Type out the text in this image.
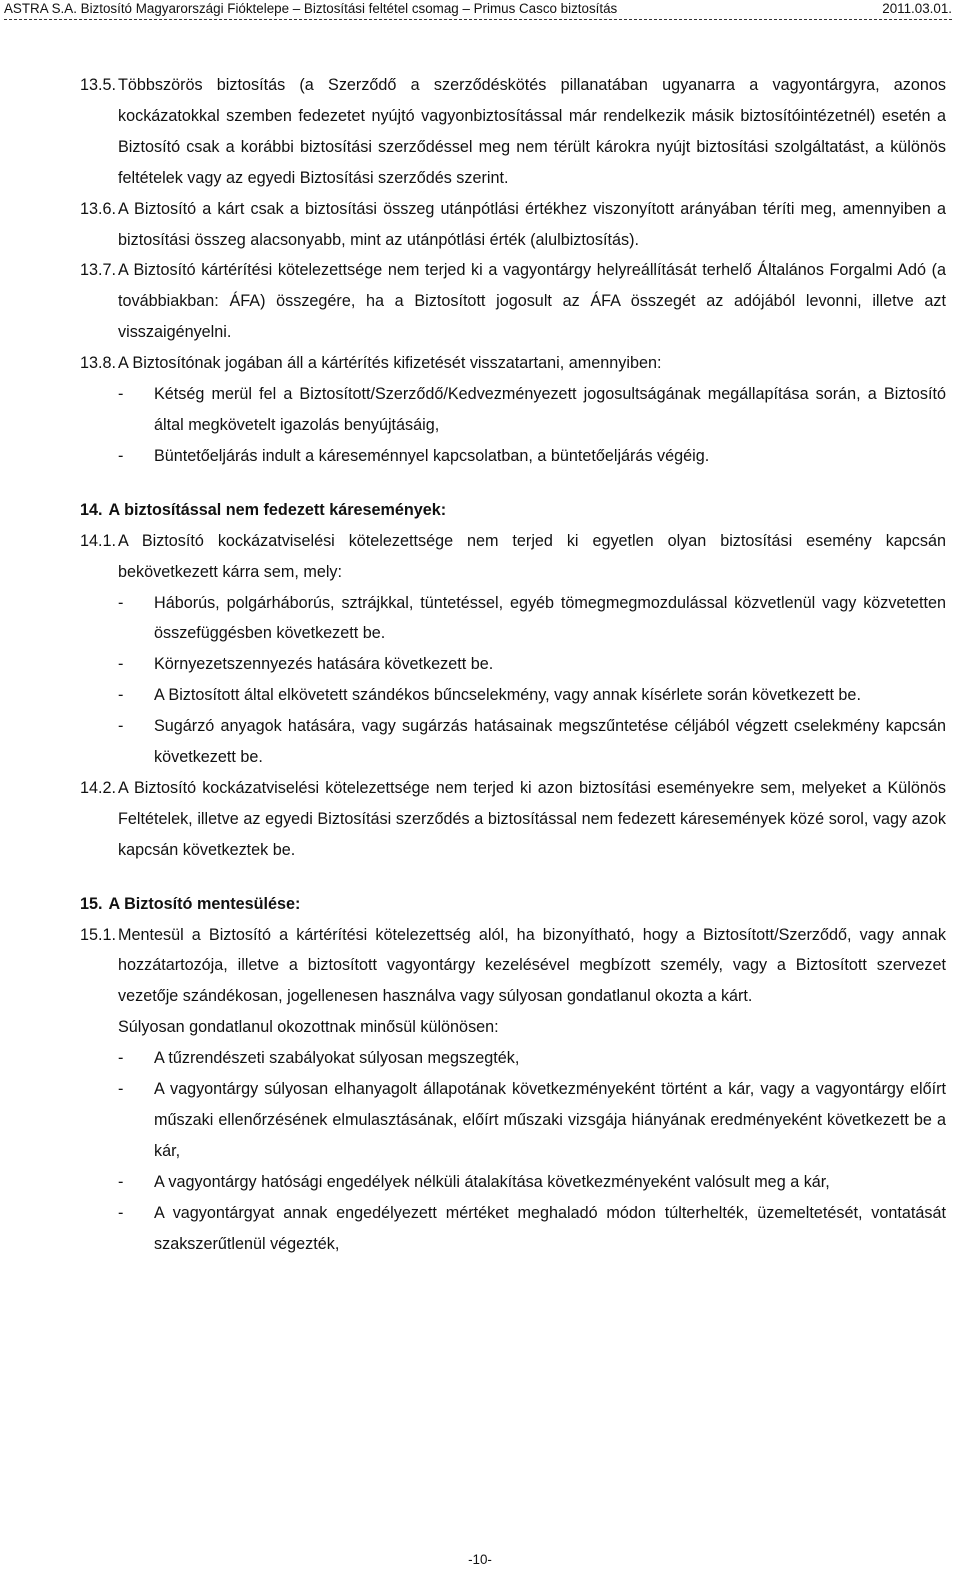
ASTRA S.A. Biztosító Magyarországi Fióktelepe – Biztosítási feltétel csomag – Primus Casco biztosítás	2011.03.01.
13.5. Többszörös biztosítás (a Szerződő a szerződéskötés pillanatában ugyanarra a vagyontárgyra, azonos kockázatokkal szemben fedezetet nyújtó vagyonbiztosítással már rendelkezik másik biztosítóintézetnél) esetén a Biztosító csak a korábbi biztosítási szerződéssel meg nem térült károkra nyújt biztosítási szolgáltatást, a különös feltételek vagy az egyedi Biztosítási szerződés szerint.
13.6. A Biztosító a kárt csak a biztosítási összeg utánpótlási értékhez viszonyított arányában téríti meg, amennyiben a biztosítási összeg alacsonyabb, mint az utánpótlási érték (alulbiztosítás).
13.7. A Biztosító kártérítési kötelezettsége nem terjed ki a vagyontárgy helyreállítását terhelő Általános Forgalmi Adó (a továbbiakban: ÁFA) összegére, ha a Biztosított jogosult az ÁFA összegét az adójából levonni, illetve azt visszaigényelni.
13.8. A Biztosítónak jogában áll a kártérítés kifizetését visszatartani, amennyiben:
- Kétség merül fel a Biztosított/Szerződő/Kedvezményezett jogosultságának megállapítása során, a Biztosító által megkövetelt igazolás benyújtásáig,
- Büntetőeljárás indult a káreseménnyel kapcsolatban, a büntetőeljárás végéig.
14. A biztosítással nem fedezett káresemények:
14.1. A Biztosító kockázatviselési kötelezettsége nem terjed ki egyetlen olyan biztosítási esemény kapcsán bekövetkezett kárra sem, mely:
- Háborús, polgárháborús, sztrájkkal, tüntetéssel, egyéb tömegmegmozdulással közvetlenül vagy közvetetten összefüggésben következett be.
- Környezetszennyezés hatására következett be.
- A Biztosított által elkövetett szándékos bűncselekmény, vagy annak kísérlete során következett be.
- Sugárzó anyagok hatására, vagy sugárzás hatásainak megszűntetése céljából végzett cselekmény kapcsán következett be.
14.2. A Biztosító kockázatviselési kötelezettsége nem terjed ki azon biztosítási eseményekre sem, melyeket a Különös Feltételek, illetve az egyedi Biztosítási szerződés a biztosítással nem fedezett káresemények közé sorol, vagy azok kapcsán következtek be.
15. A Biztosító mentesülése:
15.1. Mentesül a Biztosító a kártérítési kötelezettség alól, ha bizonyítható, hogy a Biztosított/Szerződő, vagy annak hozzátartozója, illetve a biztosított vagyontárgy kezelésével megbízott személy, vagy a Biztosított szervezet vezetője szándékosan, jogellenesen használva vagy súlyosan gondatlanul okozta a kárt.
Súlyosan gondatlanul okozottnak minősül különösen:
- A tűzrendészeti szabályokat súlyosan megszegték,
- A vagyontárgy súlyosan elhanyagolt állapotának következményeként történt a kár, vagy a vagyontárgy előírt műszaki ellenőrzésének elmulasztásának, előírt műszaki vizsgája hiányának eredményeként következett be a kár,
- A vagyontárgy hatósági engedélyek nélküli átalakítása következményeként valósult meg a kár,
- A vagyontárgyat annak engedélyezett mértéket meghaladó módon túlterhelték, üzemeltetését, vontatását szakszerűtlenül végezték,
-10-
